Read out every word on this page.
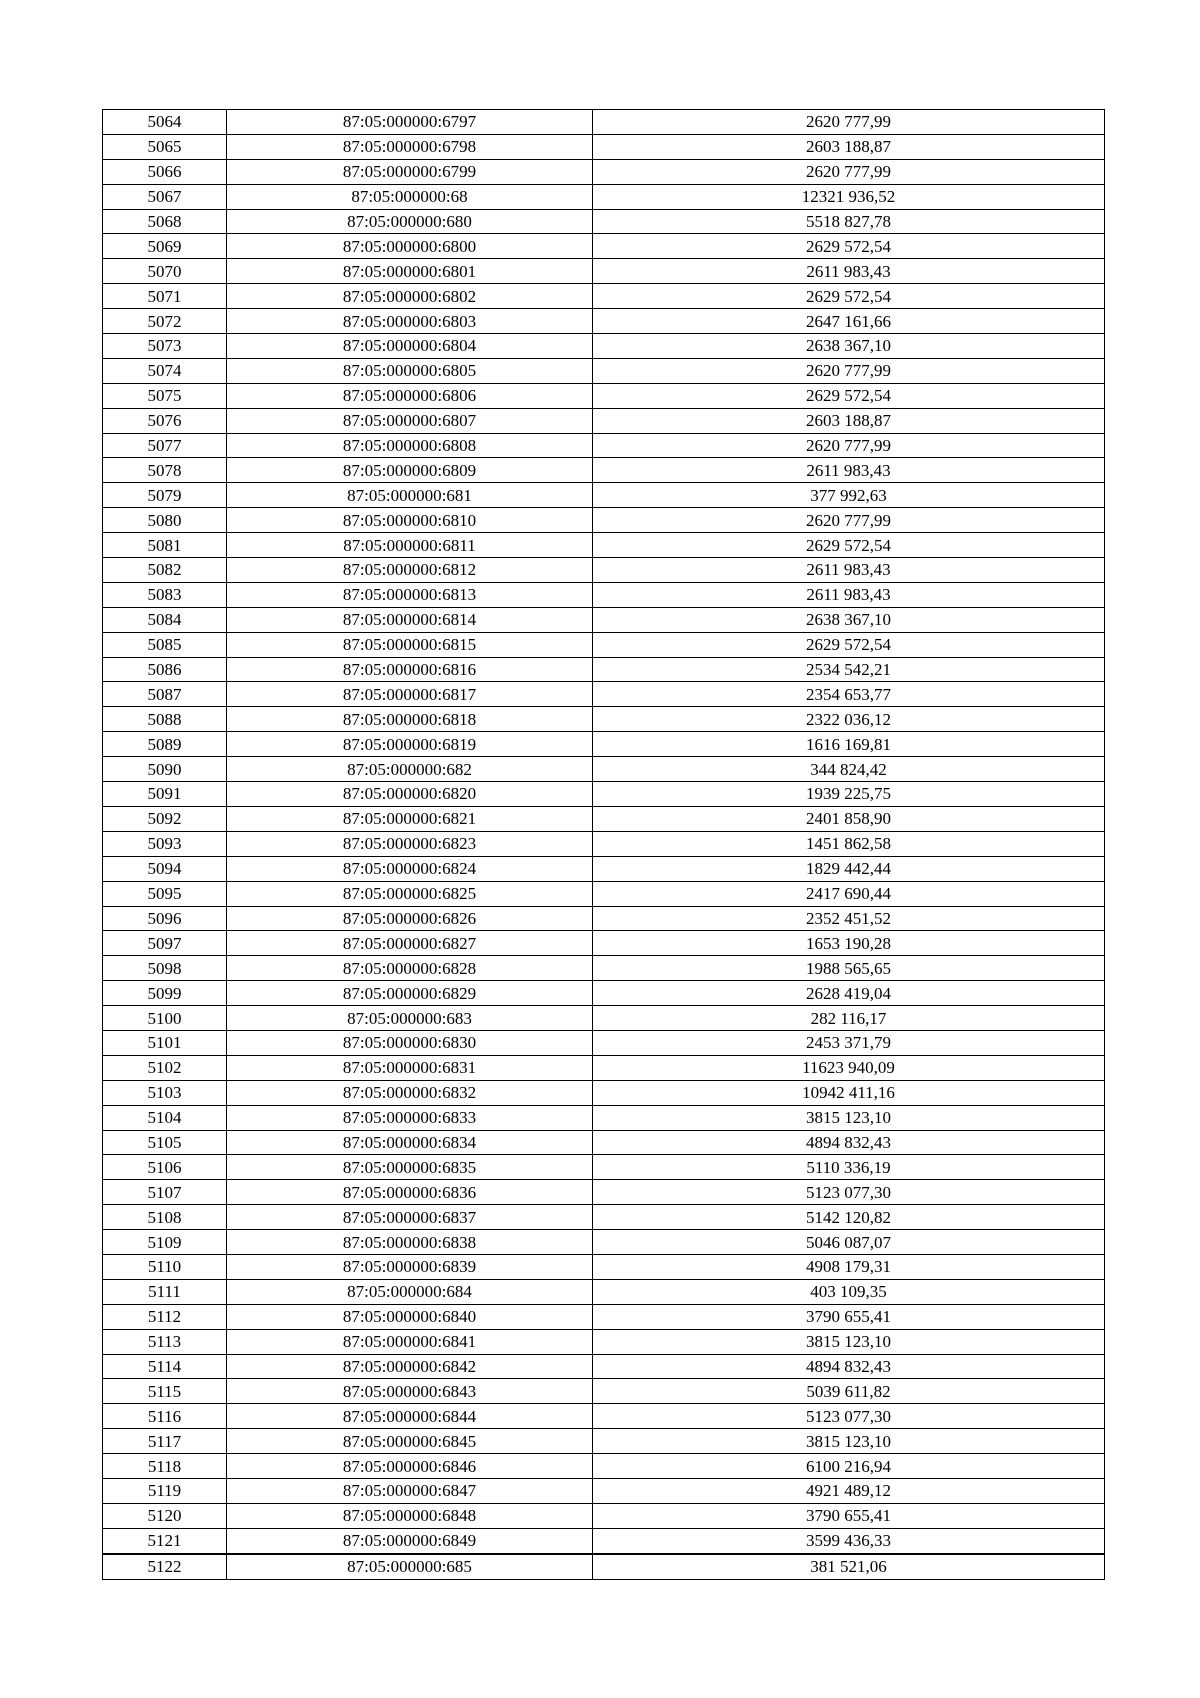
5064	87:05:000000:6797	2620 777,99
5065	87:05:000000:6798	2603 188,87
5066	87:05:000000:6799	2620 777,99
5067	87:05:000000:68	12321 936,52
5068	87:05:000000:680	5518 827,78
5069	87:05:000000:6800	2629 572,54
5070	87:05:000000:6801	2611 983,43
5071	87:05:000000:6802	2629 572,54
5072	87:05:000000:6803	2647 161,66
5073	87:05:000000:6804	2638 367,10
5074	87:05:000000:6805	2620 777,99
5075	87:05:000000:6806	2629 572,54
5076	87:05:000000:6807	2603 188,87
5077	87:05:000000:6808	2620 777,99
5078	87:05:000000:6809	2611 983,43
5079	87:05:000000:681	377 992,63
5080	87:05:000000:6810	2620 777,99
5081	87:05:000000:6811	2629 572,54
5082	87:05:000000:6812	2611 983,43
5083	87:05:000000:6813	2611 983,43
5084	87:05:000000:6814	2638 367,10
5085	87:05:000000:6815	2629 572,54
5086	87:05:000000:6816	2534 542,21
5087	87:05:000000:6817	2354 653,77
5088	87:05:000000:6818	2322 036,12
5089	87:05:000000:6819	1616 169,81
5090	87:05:000000:682	344 824,42
5091	87:05:000000:6820	1939 225,75
5092	87:05:000000:6821	2401 858,90
5093	87:05:000000:6823	1451 862,58
5094	87:05:000000:6824	1829 442,44
5095	87:05:000000:6825	2417 690,44
5096	87:05:000000:6826	2352 451,52
5097	87:05:000000:6827	1653 190,28
5098	87:05:000000:6828	1988 565,65
5099	87:05:000000:6829	2628 419,04
5100	87:05:000000:683	282 116,17
5101	87:05:000000:6830	2453 371,79
5102	87:05:000000:6831	11623 940,09
5103	87:05:000000:6832	10942 411,16
5104	87:05:000000:6833	3815 123,10
5105	87:05:000000:6834	4894 832,43
5106	87:05:000000:6835	5110 336,19
5107	87:05:000000:6836	5123 077,30
5108	87:05:000000:6837	5142 120,82
5109	87:05:000000:6838	5046 087,07
5110	87:05:000000:6839	4908 179,31
5111	87:05:000000:684	403 109,35
5112	87:05:000000:6840	3790 655,41
5113	87:05:000000:6841	3815 123,10
5114	87:05:000000:6842	4894 832,43
5115	87:05:000000:6843	5039 611,82
5116	87:05:000000:6844	5123 077,30
5117	87:05:000000:6845	3815 123,10
5118	87:05:000000:6846	6100 216,94
5119	87:05:000000:6847	4921 489,12
5120	87:05:000000:6848	3790 655,41
5121	87:05:000000:6849	3599 436,33
5122	87:05:000000:685	381 521,06
